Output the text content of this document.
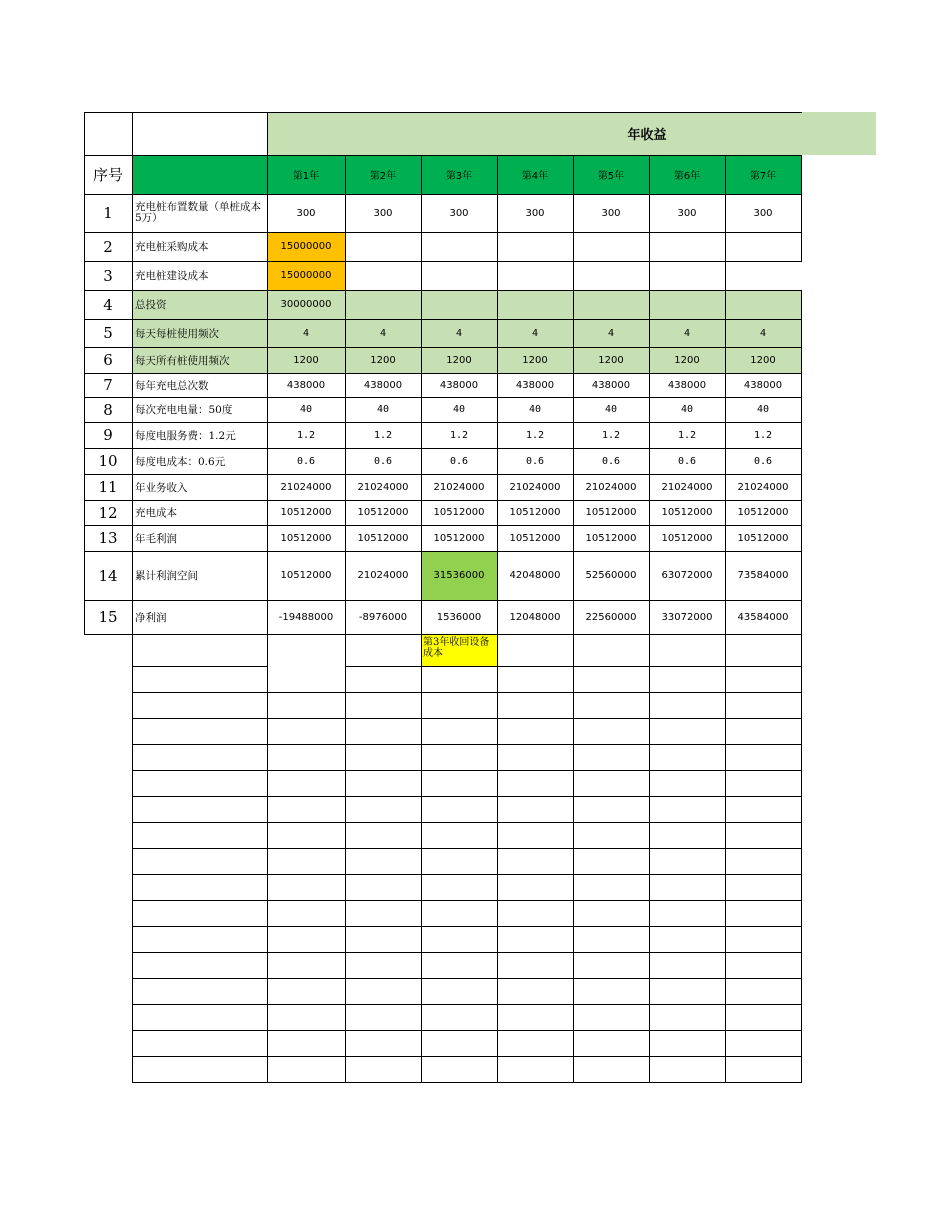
年收益
序号	第1年	第2年	第3年	第4年	第5年	第6年	第7年
1	充电桩布置数量（单桩成本5万）	300	300	300	300	300	300	300
2	充电桩采购成本	15000000
3	充电桩建设成本	15000000
4	总投资	30000000
5	每天每桩使用频次	4	4	4	4	4	4	4
6	每天所有桩使用频次	1200	1200	1200	1200	1200	1200	1200
7	每年充电总次数	438000	438000	438000	438000	438000	438000	438000
8	每次充电电量：50度	40	40	40	40	40	40	40
9	每度电服务费：1.2元	1.2	1.2	1.2	1.2	1.2	1.2	1.2
10	每度电成本：0.6元	0.6	0.6	0.6	0.6	0.6	0.6	0.6
11	年业务收入	21024000	21024000	21024000	21024000	21024000	21024000	21024000
12	充电成本	10512000	10512000	10512000	10512000	10512000	10512000	10512000
13	年毛利润	10512000	10512000	10512000	10512000	10512000	10512000	10512000
14	累计利润空间	10512000	21024000	31536000	42048000	52560000	63072000	73584000
15	净利润	-19488000	-8976000	1536000	12048000	22560000	33072000	43584000
第3年收回设备成本
